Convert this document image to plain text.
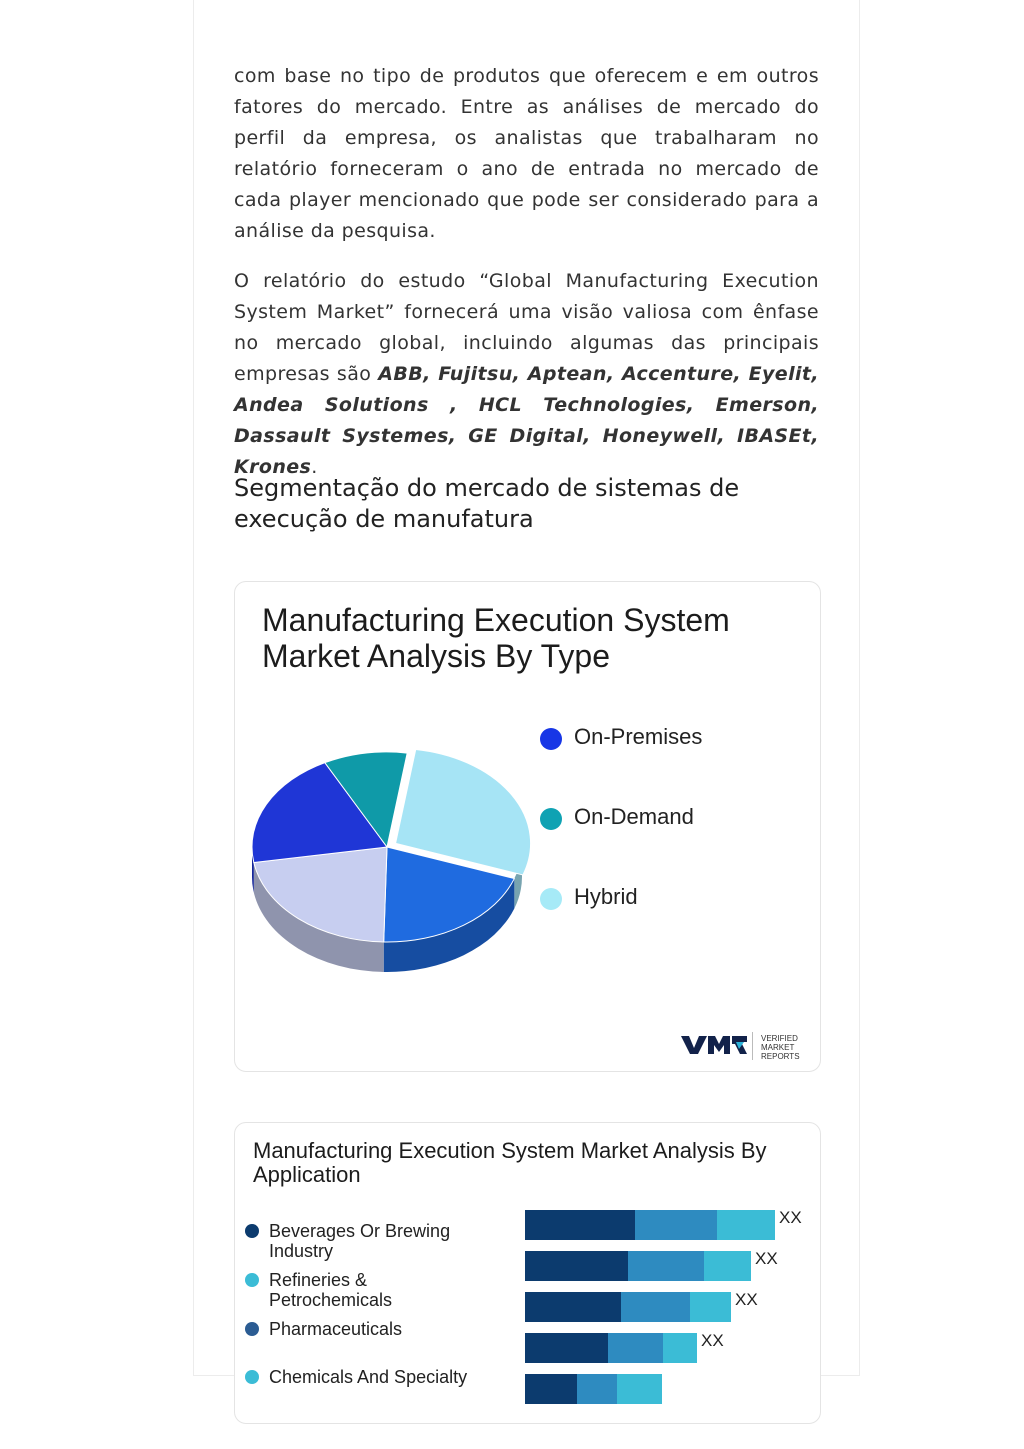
com base no tipo de produtos que oferecem e em outros fatores do mercado. Entre as análises de mercado do perfil da empresa, os analistas que trabalharam no relatório forneceram o ano de entrada no mercado de cada player mencionado que pode ser considerado para a análise da pesquisa.

O relatório do estudo “Global Manufacturing Execution System Market” fornecerá uma visão valiosa com ênfase no mercado global, incluindo algumas das principais empresas são ABB, Fujitsu, Aptean, Accenture, Eyelit, Andea Solutions , HCL Technologies, Emerson, Dassault Systemes, GE Digital, Honeywell, IBASEt, Krones.

Segmentação do mercado de sistemas de execução de manufatura
Manufacturing Execution System Market Analysis By Type
On-Premises
On-Demand
Hybrid
VERIFIED MARKET REPORTS
Manufacturing Execution System Market Analysis By Application
Beverages Or Brewing Industry
Refineries & Petrochemicals
Pharmaceuticals
Chemicals And Specialty
XX
XX
XX
XX
